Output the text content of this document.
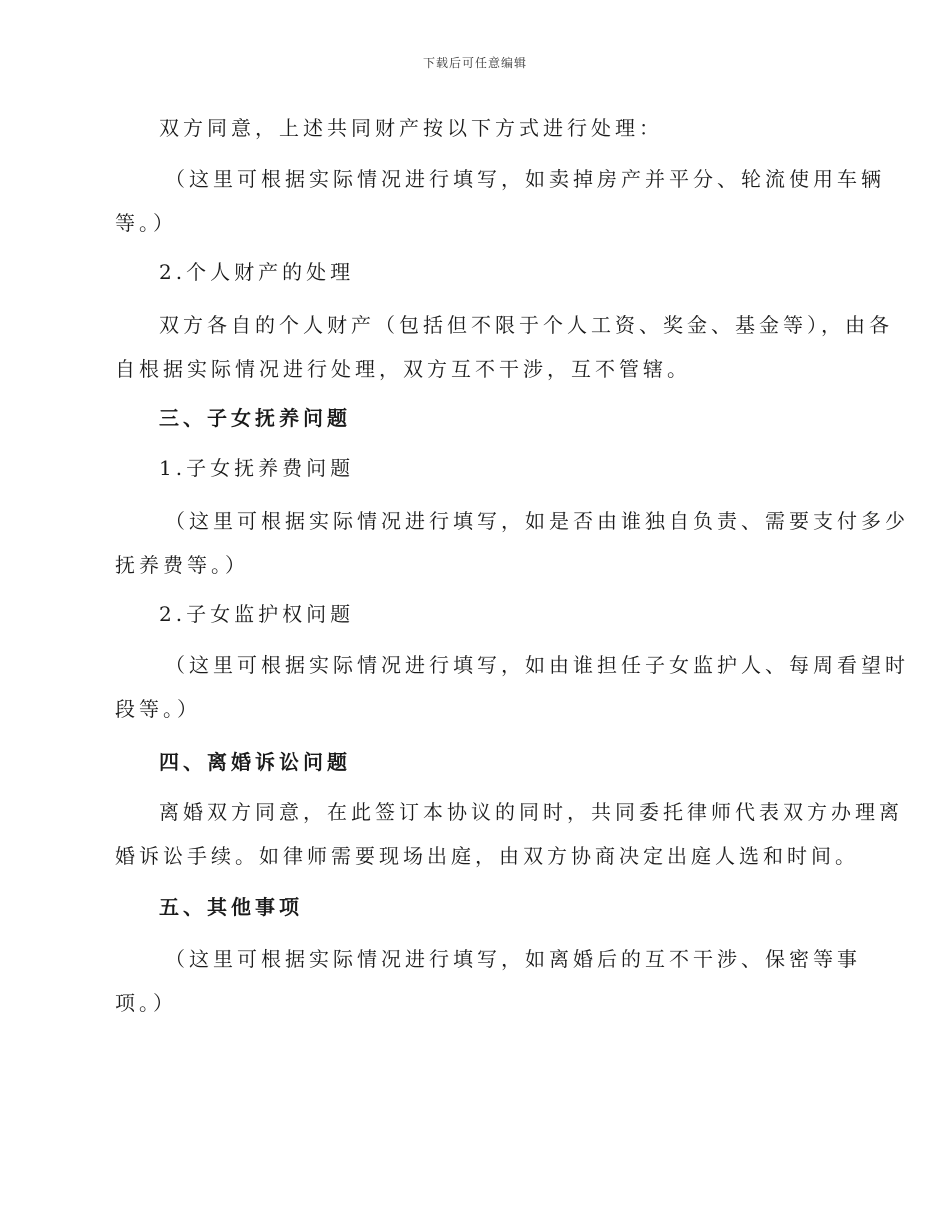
下载后可任意编辑
双方同意，上述共同财产按以下方式进行处理：
（这里可根据实际情况进行填写，如卖掉房产并平分、轮流使用车辆
等。）
2.个人财产的处理
双方各自的个人财产（包括但不限于个人工资、奖金、基金等），由各
自根据实际情况进行处理，双方互不干涉，互不管辖。
三、子女抚养问题
1.子女抚养费问题
（这里可根据实际情况进行填写，如是否由谁独自负责、需要支付多少
抚养费等。）
2.子女监护权问题
（这里可根据实际情况进行填写，如由谁担任子女监护人、每周看望时
段等。）
四、离婚诉讼问题
离婚双方同意，在此签订本协议的同时，共同委托律师代表双方办理离
婚诉讼手续。如律师需要现场出庭，由双方协商决定出庭人选和时间。
五、其他事项
（这里可根据实际情况进行填写，如离婚后的互不干涉、保密等事
项。）
